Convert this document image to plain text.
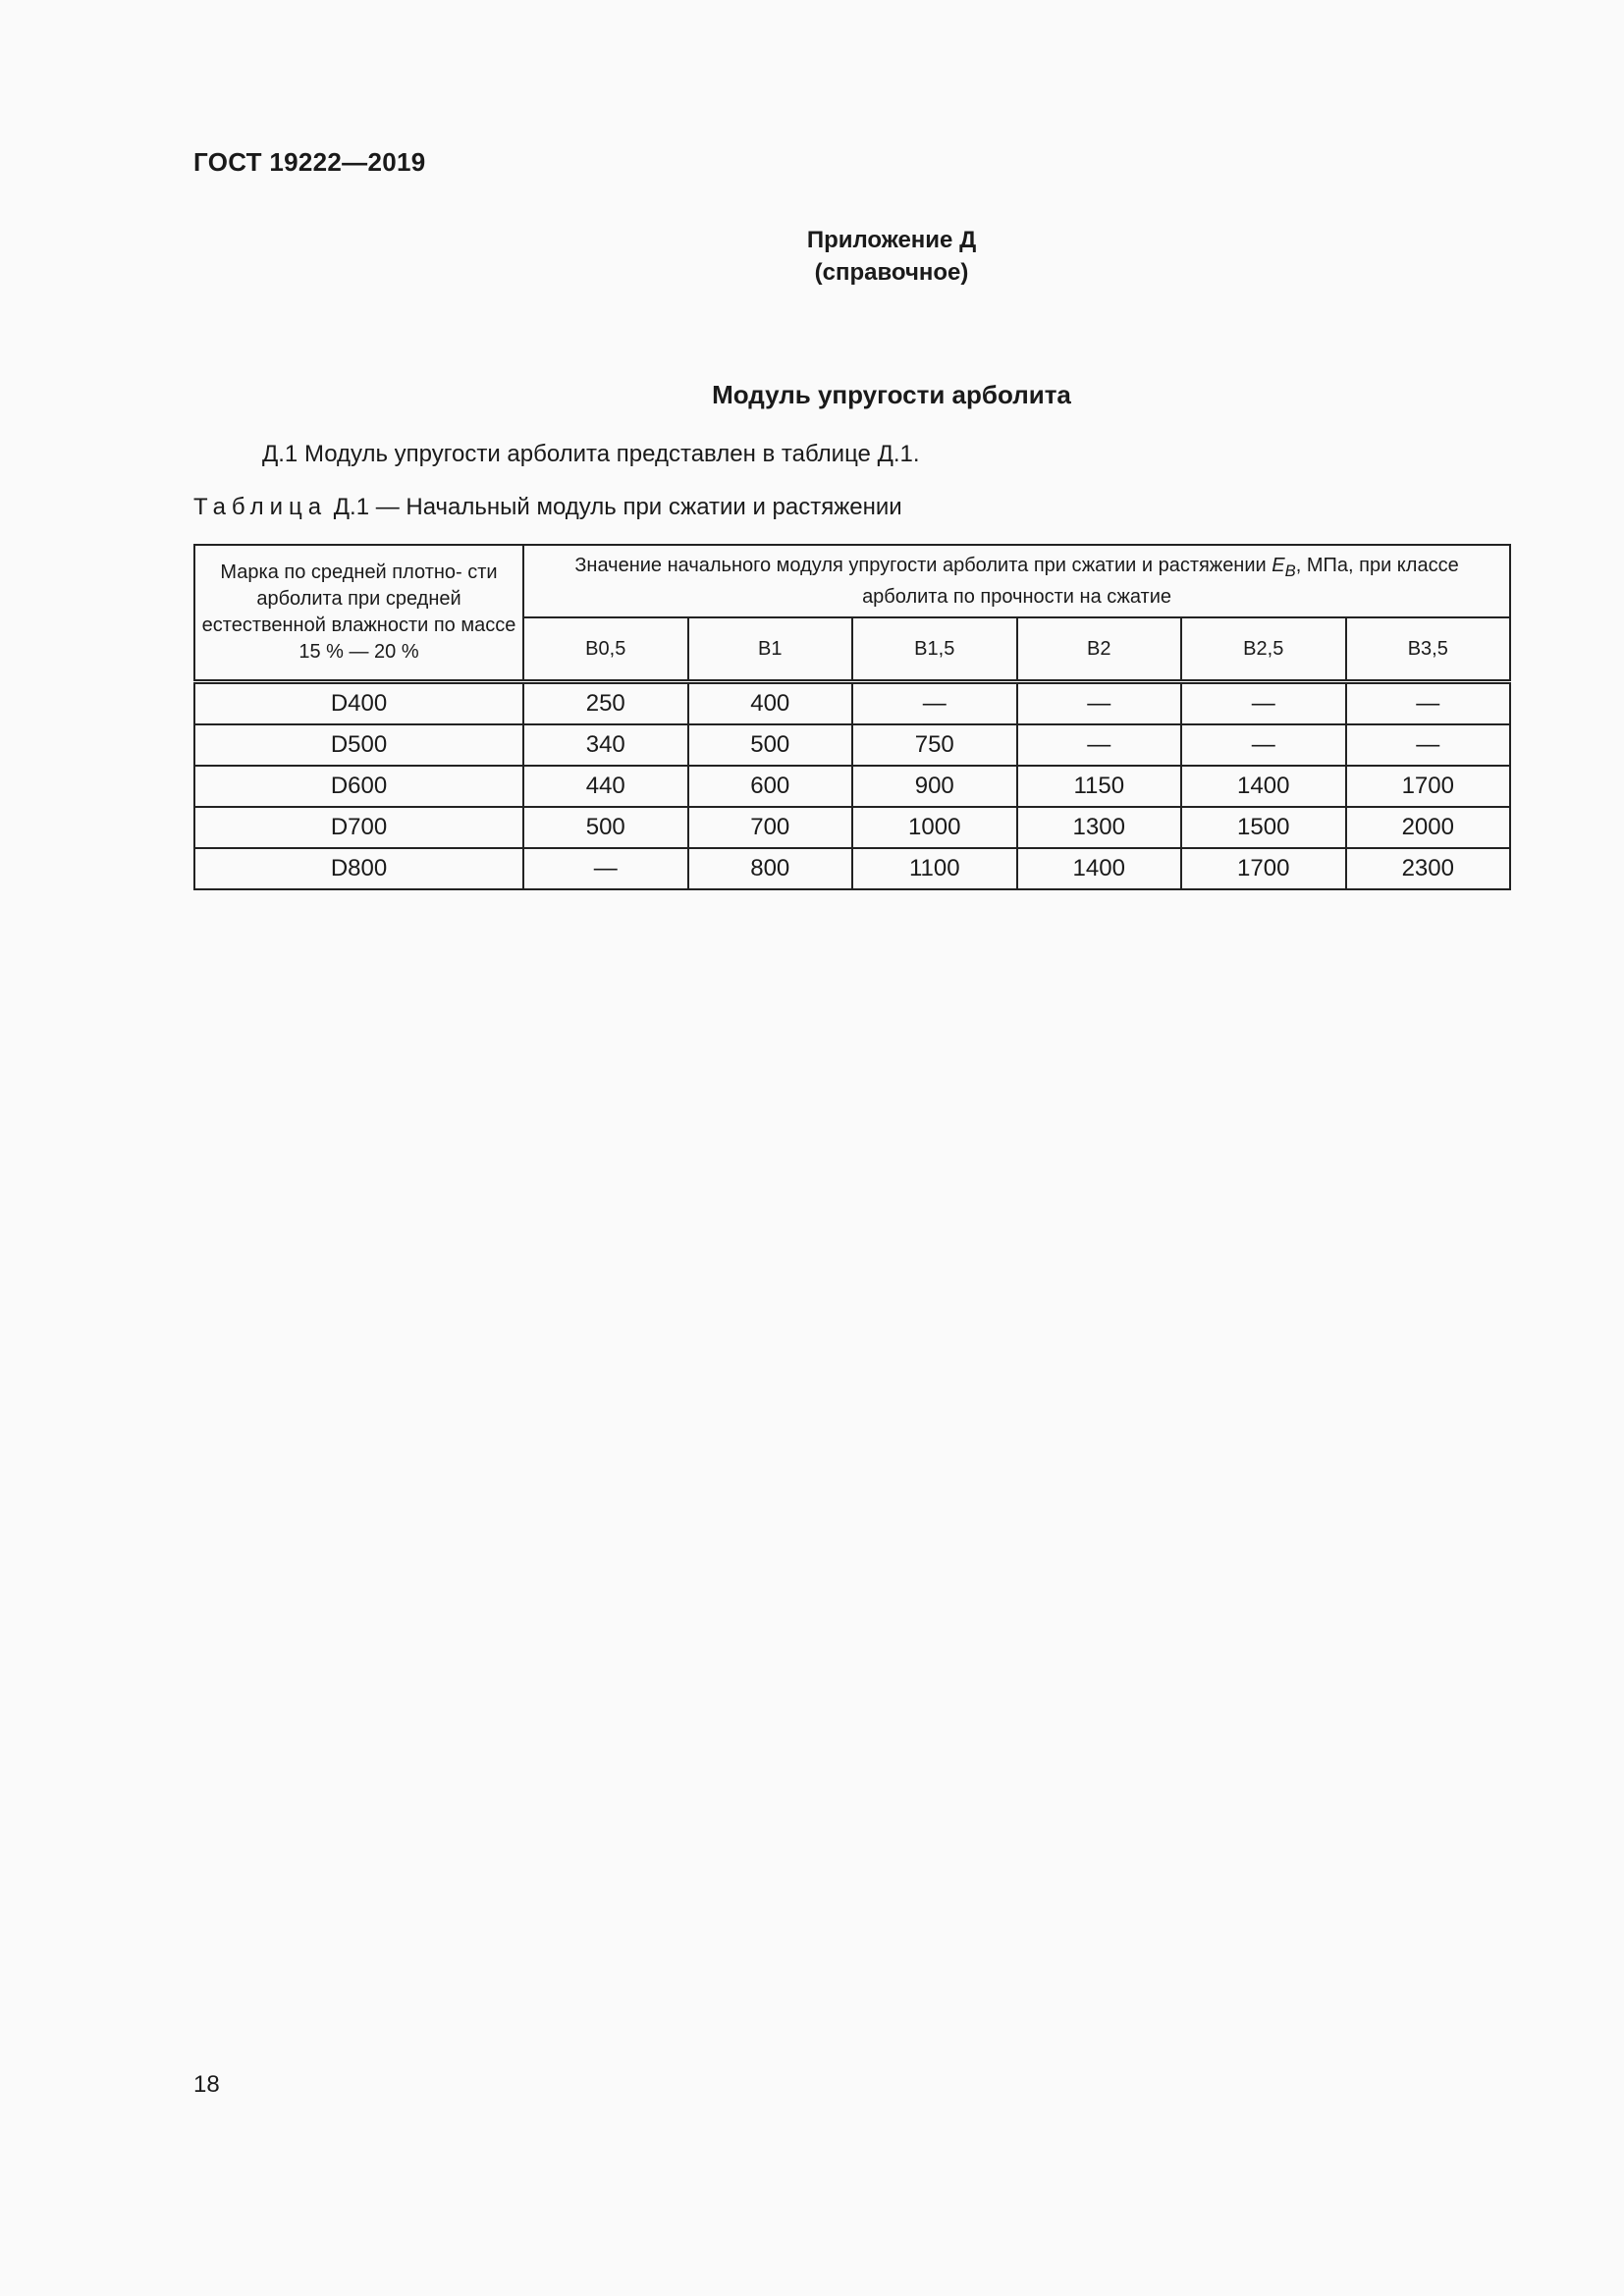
ГОСТ 19222—2019
Приложение Д
(справочное)
Модуль упругости арболита
Д.1 Модуль упругости арболита представлен в таблице Д.1.
Таблица Д.1 — Начальный модуль при сжатии и растяжении
Марка по средней плотно- сти арболита при средней естественной влажности по массе 15 % — 20 %	Значение начального модуля упругости арболита при сжатии и растяжении $E_B$, МПа, при классе арболита по прочности на сжатие					
	B0,5	B1	B1,5	B2	B2,5	B3,5
D400	250	400	—	—	—	—
D500	340	500	750	—	—	—
D600	440	600	900	1150	1400	1700
D700	500	700	1000	1300	1500	2000
D800	—	800	1100	1400	1700	2300
18
